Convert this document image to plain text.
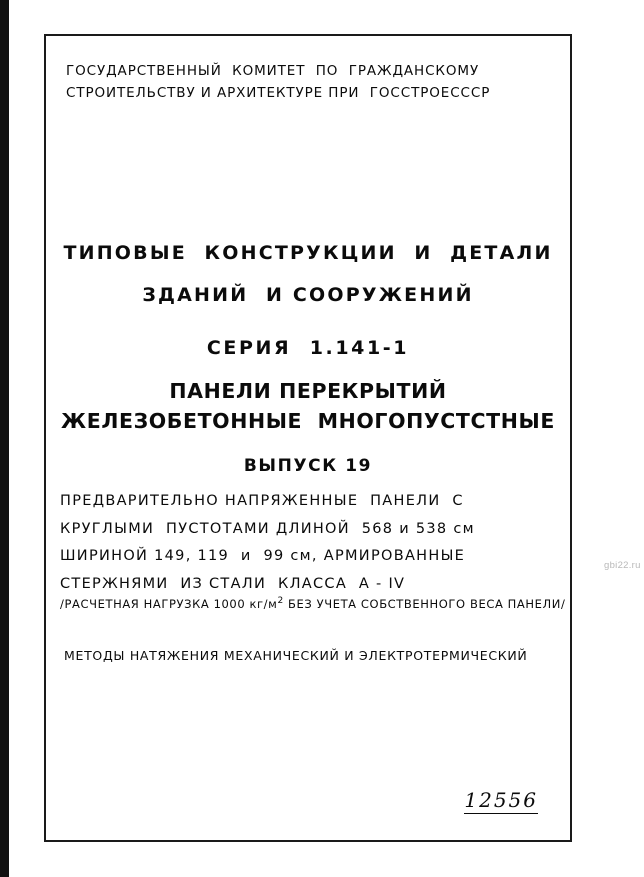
ГОСУДАРСТВЕННЫЙ  КОМИТЕТ  ПО  ГРАЖДАНСКОМУ
СТРОИТЕЛЬСТВУ И АРХИТЕКТУРЕ ПРИ  ГОССТРОЕСССР
ТИПОВЫЕ  КОНСТРУКЦИИ  И  ДЕТАЛИ
ЗДАНИЙ  И СООРУЖЕНИЙ
СЕРИЯ  1.141-1
ПАНЕЛИ ПЕРЕКРЫТИЙ
ЖЕЛЕЗОБЕТОННЫЕ  МНОГОПУСТСТНЫЕ
ВЫПУСК 19
ПРЕДВАРИТЕЛЬНО НАПРЯЖЕННЫЕ  ПАНЕЛИ  С
КРУГЛЫМИ  ПУСТОТАМИ ДЛИНОЙ  568 и 538 см
ШИРИНОЙ 149, 119  и  99 см, АРМИРОВАННЫЕ
СТЕРЖНЯМИ  ИЗ СТАЛИ  КЛАССА  А - IV
/РАСЧЕТНАЯ НАГРУЗКА 1000 $кг/м^2$ БЕЗ УЧЕТА СОБСТВЕННОГО ВЕСА ПАНЕЛИ/
МЕТОДЫ НАТЯЖЕНИЯ МЕХАНИЧЕСКИЙ И ЭЛЕКТРОТЕРМИЧЕСКИЙ
12556
gbi22.ru
